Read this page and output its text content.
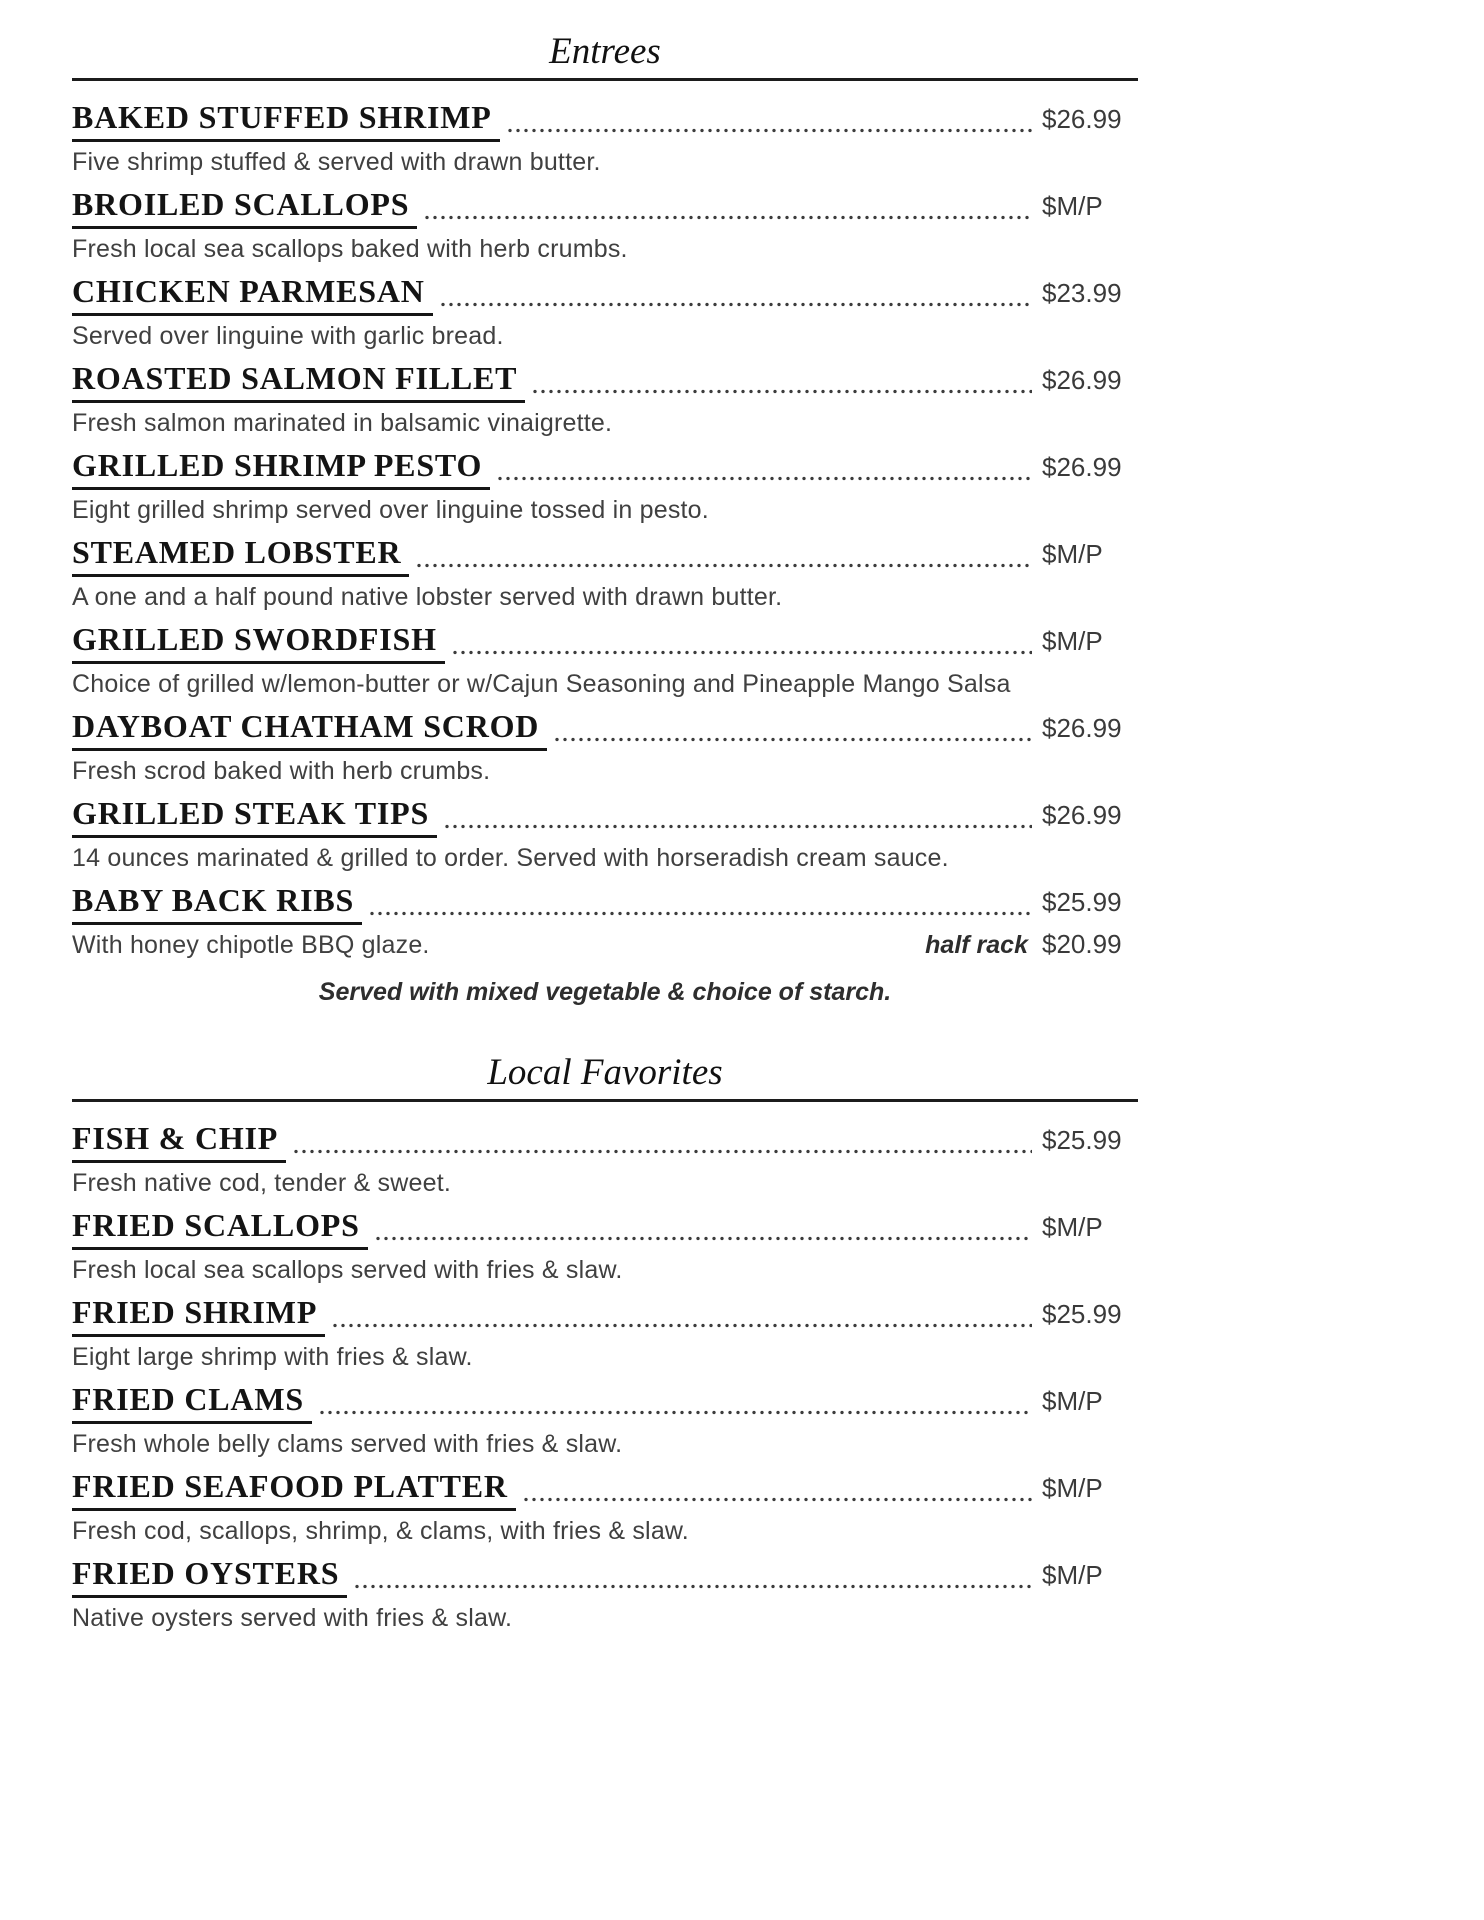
Entrees
BAKED STUFFED SHRIMP	$26.99
Five shrimp stuffed & served with drawn butter.
BROILED SCALLOPS	$M/P
Fresh local sea scallops baked with herb crumbs.
CHICKEN PARMESAN	$23.99
Served over linguine with garlic bread.
ROASTED SALMON FILLET	$26.99
Fresh salmon marinated in balsamic vinaigrette.
GRILLED SHRIMP PESTO	$26.99
Eight grilled shrimp served over linguine tossed in pesto.
STEAMED LOBSTER	$M/P
A one and a half pound native lobster served with drawn butter.
GRILLED SWORDFISH	$M/P
Choice of grilled w/lemon-butter or w/Cajun Seasoning and Pineapple Mango Salsa
DAYBOAT CHATHAM SCROD	$26.99
Fresh scrod baked with herb crumbs.
GRILLED STEAK TIPS	$26.99
14 ounces marinated & grilled to order. Served with horseradish cream sauce.
BABY BACK RIBS	$25.99
With honey chipotle BBQ glaze.	half rack $20.99

Served with mixed vegetable & choice of starch.

Local Favorites
FISH & CHIP	$25.99
Fresh native cod, tender & sweet.
FRIED SCALLOPS	$M/P
Fresh local sea scallops served with fries & slaw.
FRIED SHRIMP	$25.99
Eight large shrimp with fries & slaw.
FRIED CLAMS	$M/P
Fresh whole belly clams served with fries & slaw.
FRIED SEAFOOD PLATTER	$M/P
Fresh cod, scallops, shrimp, & clams, with fries & slaw.
FRIED OYSTERS	$M/P
Native oysters served with fries & slaw.
